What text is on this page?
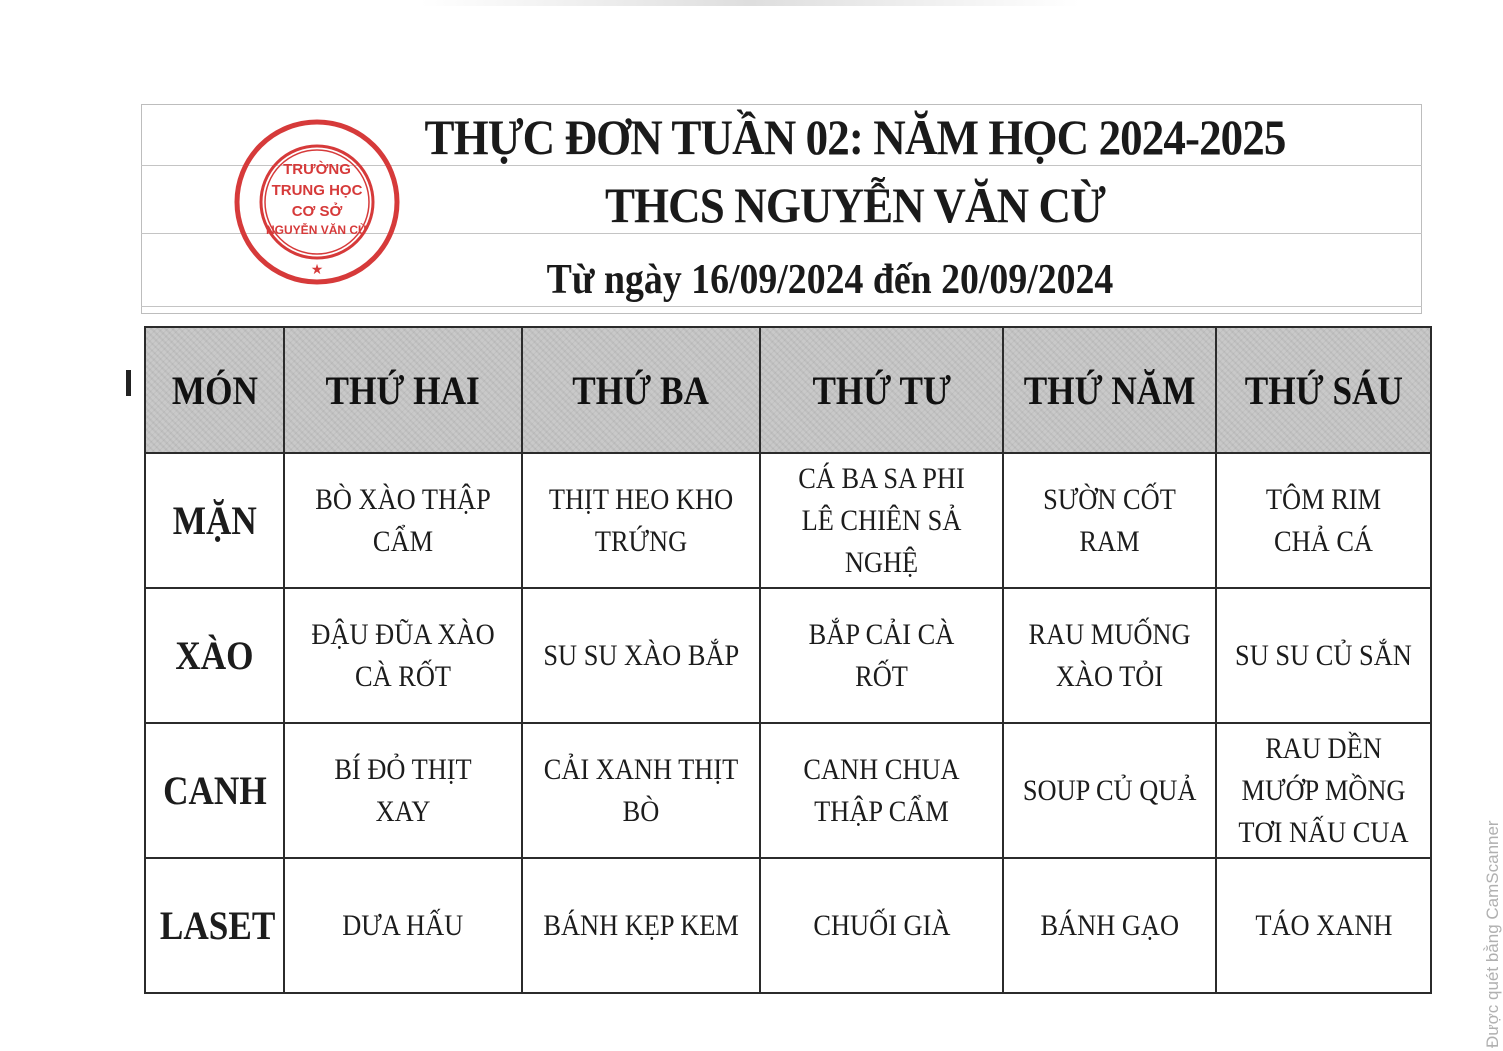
THỰC ĐƠN TUẦN 02: NĂM HỌC 2024-2025
THCS NGUYỄN VĂN CỪ
Từ ngày 16/09/2024 đến 20/09/2024
★
TRƯỜNG
TRUNG HỌC
CƠ SỞ
NGUYỄN VĂN CỪ
MÓN	THỨ HAI	THỨ BA	THỨ TƯ	THỨ NĂM	THỨ SÁU
MẶN	BÒ XÀO THẬP CẨM	THỊT HEO KHO TRỨNG	CÁ BA SA PHI LÊ CHIÊN SẢ NGHỆ	SƯỜN CỐT RAM	TÔM RIM CHẢ CÁ
XÀO	ĐẬU ĐŨA XÀO CÀ RỐT	SU SU XÀO BẮP	BẮP CẢI CÀ RỐT	RAU MUỐNG XÀO TỎI	SU SU CỦ SẮN
CANH	BÍ ĐỎ THỊT XAY	CẢI XANH THỊT BÒ	CANH CHUA THẬP CẨM	SOUP CỦ QUẢ	RAU DỀN MƯỚP MỒNG TƠI NẤU CUA
LASET	DƯA HẤU	BÁNH KẸP KEM	CHUỐI GIÀ	BÁNH GẠO	TÁO XANH	Được quét bằng CamScanner
